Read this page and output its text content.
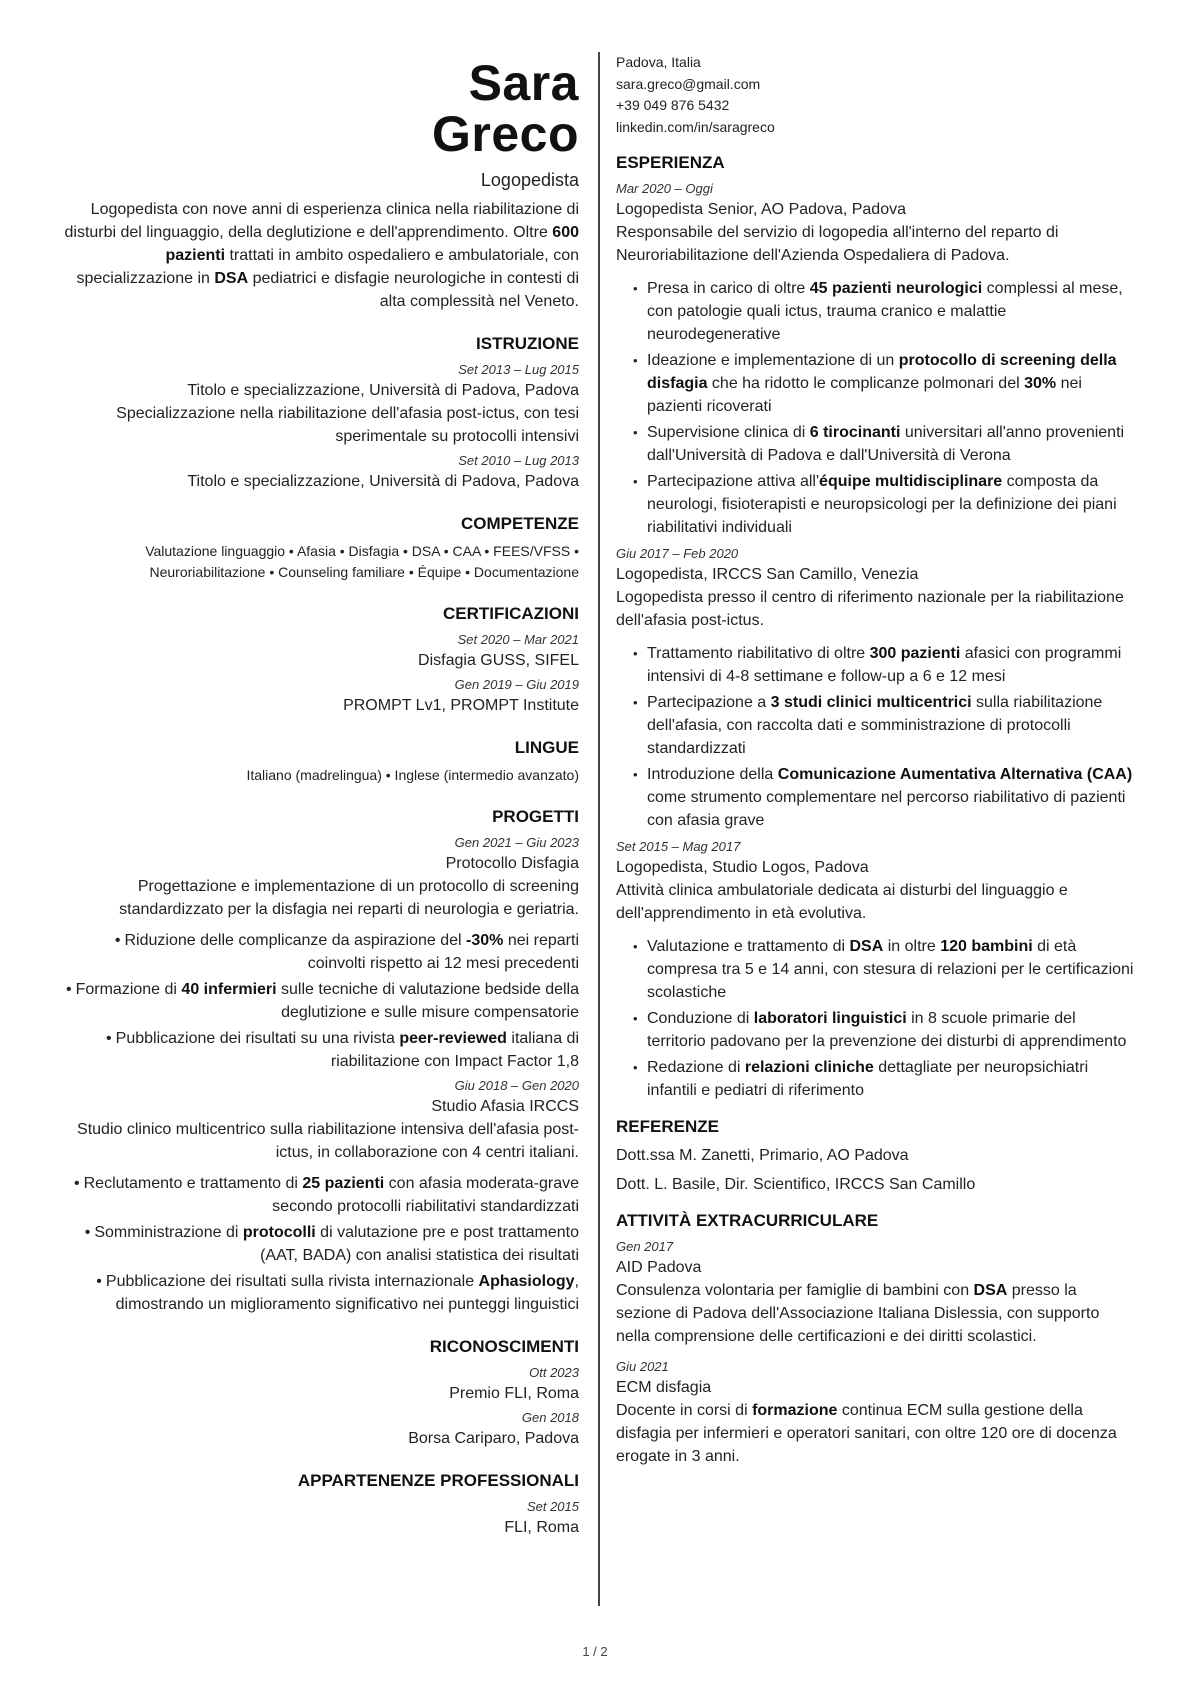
Sara
Greco
Logopedista
Logopedista con nove anni di esperienza clinica nella riabilitazione di disturbi del linguaggio, della deglutizione e dell'apprendimento. Oltre 600 pazienti trattati in ambito ospedaliero e ambulatoriale, con specializzazione in DSA pediatrici e disfagie neurologiche in contesti di alta complessità nel Veneto.
ISTRUZIONE
Set 2013 – Lug 2015
Titolo e specializzazione, Università di Padova, Padova
Specializzazione nella riabilitazione dell'afasia post-ictus, con tesi sperimentale su protocolli intensivi
Set 2010 – Lug 2013
Titolo e specializzazione, Università di Padova, Padova
COMPETENZE
Valutazione linguaggio • Afasia • Disfagia • DSA • CAA • FEES/VFSS •
Neuroriabilitazione • Counseling familiare • Équipe • Documentazione
CERTIFICAZIONI
Set 2020 – Mar 2021
Disfagia GUSS, SIFEL
Gen 2019 – Giu 2019
PROMPT Lv1, PROMPT Institute
LINGUE
Italiano (madrelingua) • Inglese (intermedio avanzato)
PROGETTI
Gen 2021 – Giu 2023
Protocollo Disfagia
Progettazione e implementazione di un protocollo di screening standardizzato per la disfagia nei reparti di neurologia e geriatria.
• Riduzione delle complicanze da aspirazione del -30% nei reparti coinvolti rispetto ai 12 mesi precedenti
• Formazione di 40 infermieri sulle tecniche di valutazione bedside della deglutizione e sulle misure compensatorie
• Pubblicazione dei risultati su una rivista peer-reviewed italiana di riabilitazione con Impact Factor 1,8
Giu 2018 – Gen 2020
Studio Afasia IRCCS
Studio clinico multicentrico sulla riabilitazione intensiva dell'afasia post-ictus, in collaborazione con 4 centri italiani.
• Reclutamento e trattamento di 25 pazienti con afasia moderata-grave secondo protocolli riabilitativi standardizzati
• Somministrazione di protocolli di valutazione pre e post trattamento (AAT, BADA) con analisi statistica dei risultati
• Pubblicazione dei risultati sulla rivista internazionale Aphasiology, dimostrando un miglioramento significativo nei punteggi linguistici
RICONOSCIMENTI
Ott 2023
Premio FLI, Roma
Gen 2018
Borsa Cariparo, Padova
APPARTENENZE PROFESSIONALI
Set 2015
FLI, Roma
Padova, Italia
sara.greco@gmail.com
+39 049 876 5432
linkedin.com/in/saragreco
ESPERIENZA
Mar 2020 – Oggi
Logopedista Senior, AO Padova, Padova
Responsabile del servizio di logopedia all'interno del reparto di Neuroriabilitazione dell'Azienda Ospedaliera di Padova.
• Presa in carico di oltre 45 pazienti neurologici complessi al mese, con patologie quali ictus, trauma cranico e malattie neurodegenerative
• Ideazione e implementazione di un protocollo di screening della disfagia che ha ridotto le complicanze polmonari del 30% nei pazienti ricoverati
• Supervisione clinica di 6 tirocinanti universitari all'anno provenienti dall'Università di Padova e dall'Università di Verona
• Partecipazione attiva all'équipe multidisciplinare composta da neurologi, fisioterapisti e neuropsicologi per la definizione dei piani riabilitativi individuali
Giu 2017 – Feb 2020
Logopedista, IRCCS San Camillo, Venezia
Logopedista presso il centro di riferimento nazionale per la riabilitazione dell'afasia post-ictus.
• Trattamento riabilitativo di oltre 300 pazienti afasici con programmi intensivi di 4-8 settimane e follow-up a 6 e 12 mesi
• Partecipazione a 3 studi clinici multicentrici sulla riabilitazione dell'afasia, con raccolta dati e somministrazione di protocolli standardizzati
• Introduzione della Comunicazione Aumentativa Alternativa (CAA) come strumento complementare nel percorso riabilitativo di pazienti con afasia grave
Set 2015 – Mag 2017
Logopedista, Studio Logos, Padova
Attività clinica ambulatoriale dedicata ai disturbi del linguaggio e dell'apprendimento in età evolutiva.
• Valutazione e trattamento di DSA in oltre 120 bambini di età compresa tra 5 e 14 anni, con stesura di relazioni per le certificazioni scolastiche
• Conduzione di laboratori linguistici in 8 scuole primarie del territorio padovano per la prevenzione dei disturbi di apprendimento
• Redazione di relazioni cliniche dettagliate per neuropsichiatri infantili e pediatri di riferimento
REFERENZE
Dott.ssa M. Zanetti, Primario, AO Padova
Dott. L. Basile, Dir. Scientifico, IRCCS San Camillo
ATTIVITÀ EXTRACURRICULARE
Gen 2017
AID Padova
Consulenza volontaria per famiglie di bambini con DSA presso la sezione di Padova dell'Associazione Italiana Dislessia, con supporto nella comprensione delle certificazioni e dei diritti scolastici.
Giu 2021
ECM disfagia
Docente in corsi di formazione continua ECM sulla gestione della disfagia per infermieri e operatori sanitari, con oltre 120 ore di docenza erogate in 3 anni.
1 / 2
